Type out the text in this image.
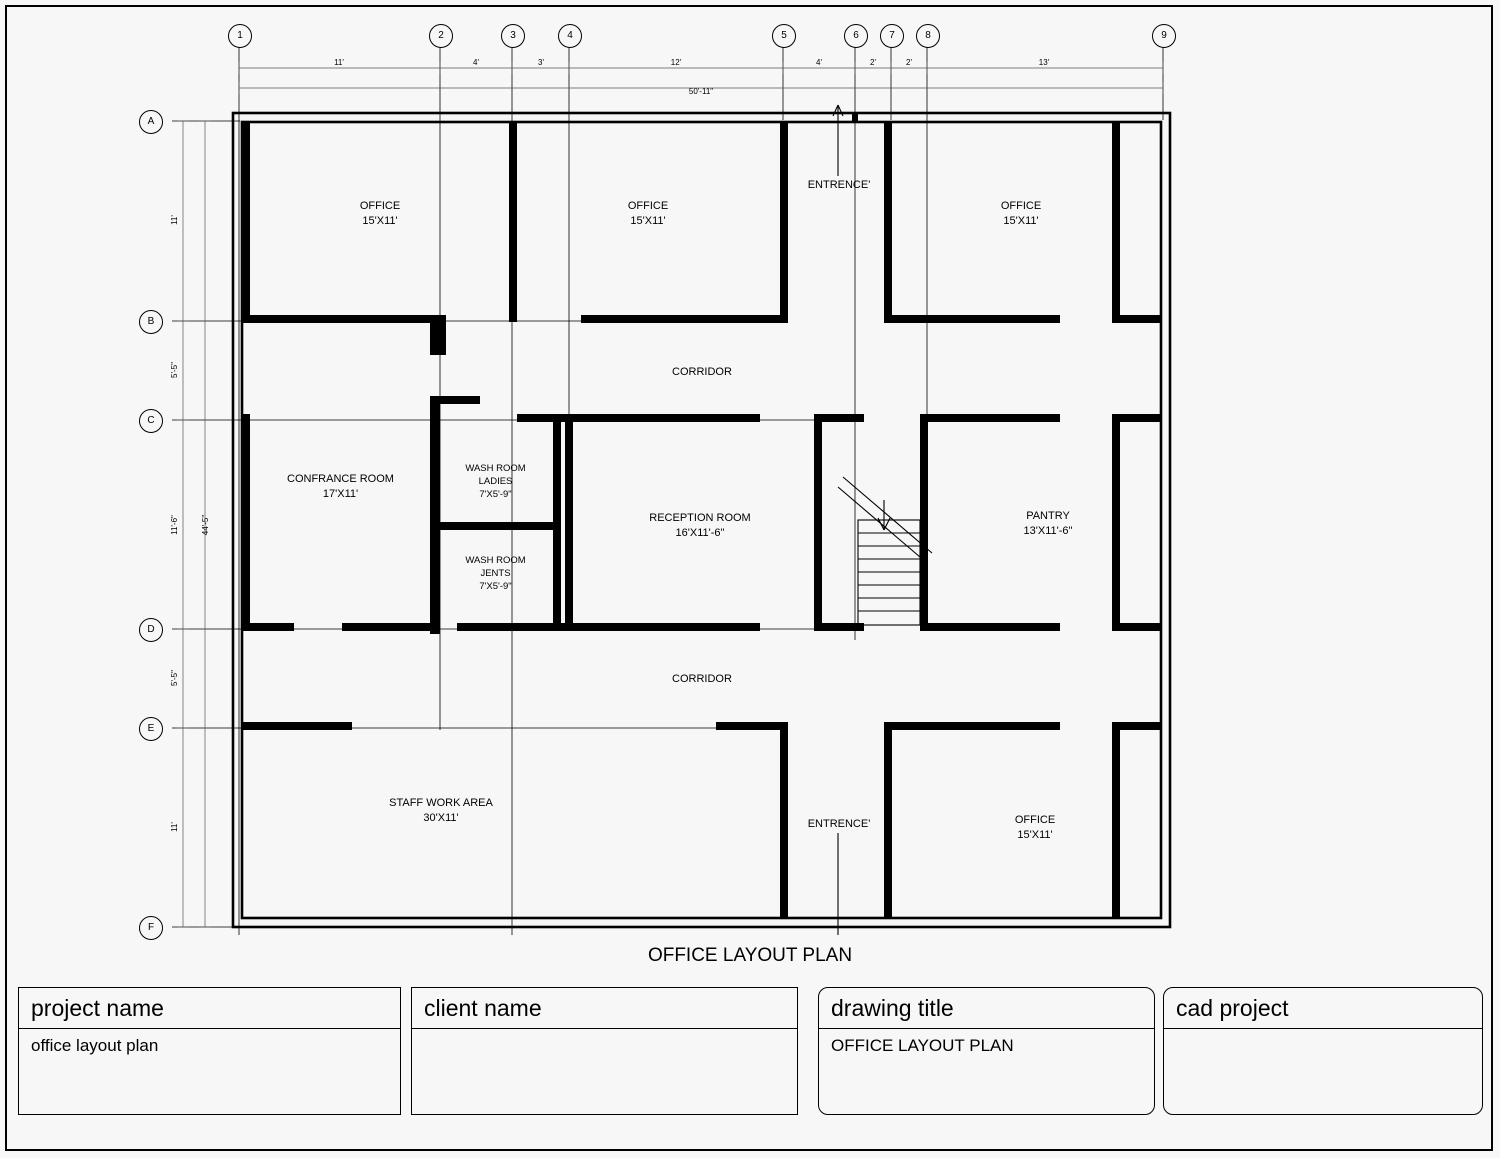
1	2	3	4	5	6	7	8	9
A
B
C
D
E
F
11'	4'	3'	12'	4'	2'	2'	13'
50'-11"
11'
5'-5"
11'-6"
5'-5"
11'
44'-5"
OFFICE
15'X11'
OFFICE
15'X11'
OFFICE
15'X11'
CORRIDOR
CONFRANCE ROOM
17'X11'
WASH ROOM
LADIES
7'X5'-9"
WASH ROOM
JENTS
7'X5'-9"
RECEPTION ROOM
16'X11'-6"
PANTRY
13'X11'-6"
CORRIDOR
STAFF WORK AREA
30'X11'	OFFICE
15'X11'
ENTRENCE'
ENTRENCE'
OFFICE LAYOUT PLAN
project name
office layout plan
client name	drawing title
OFFICE LAYOUT PLAN
cad project
